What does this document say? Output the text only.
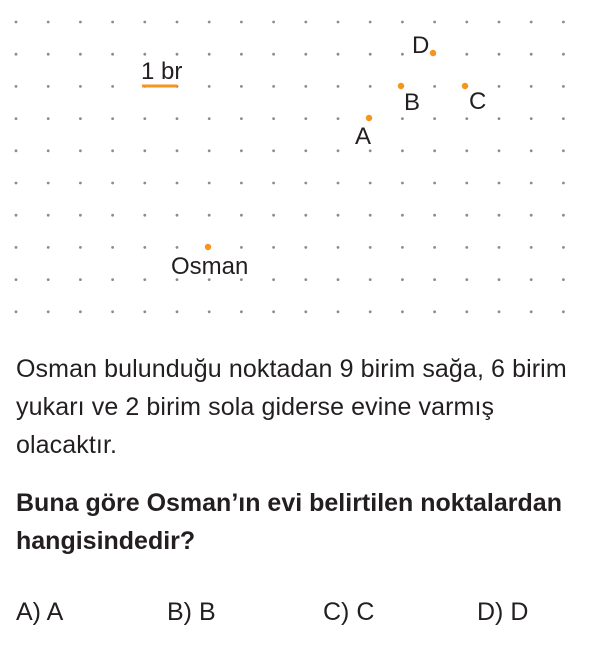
1 br
D
B C
A
Osman
Osman bulunduğu noktadan 9 birim sağa, 6 birim yukarı ve 2 birim sola giderse evine varmış olacaktır.
Buna göre Osman’ın evi belirtilen noktalardan hangisindedir?
A) A	B) B	C) C	D) D
